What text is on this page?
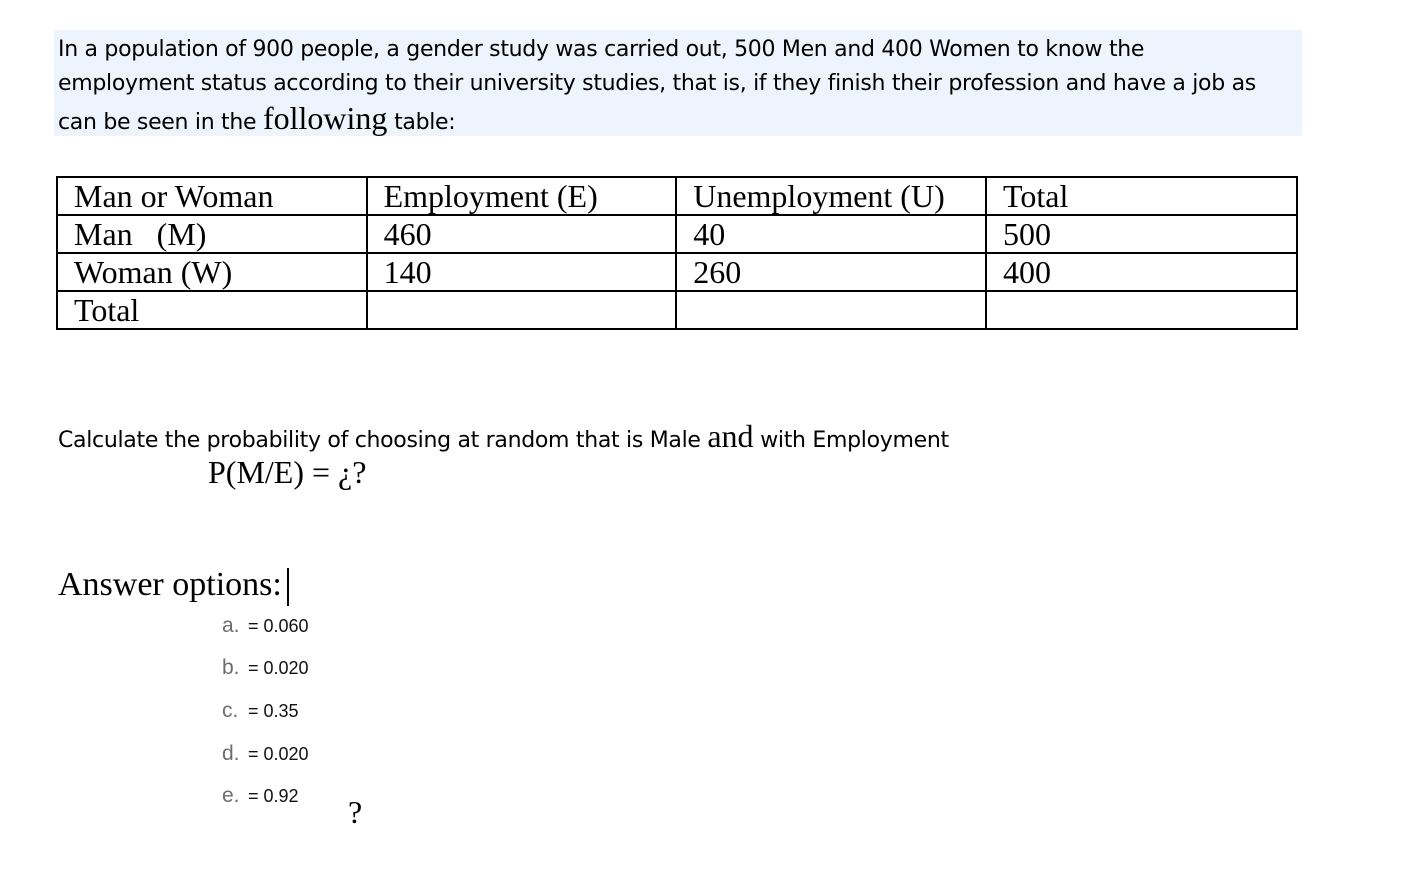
In a population of 900 people, a gender study was carried out, 500 Men and 400 Women to know the
employment status according to their university studies, that is, if they finish their profession and have a job as
can be seen in the following table:
Man or Woman	Employment (E)	Unemployment (U)	Total
Man   (M)	460	40	500
Woman (W)	140	260	400
Total			
Calculate the probability of choosing at random that is Male and with Employment
P(M/E) = ¿?
Answer options:
a. = 0.060
b. = 0.020
c. = 0.35
d. = 0.020
e. = 0.92 ?
